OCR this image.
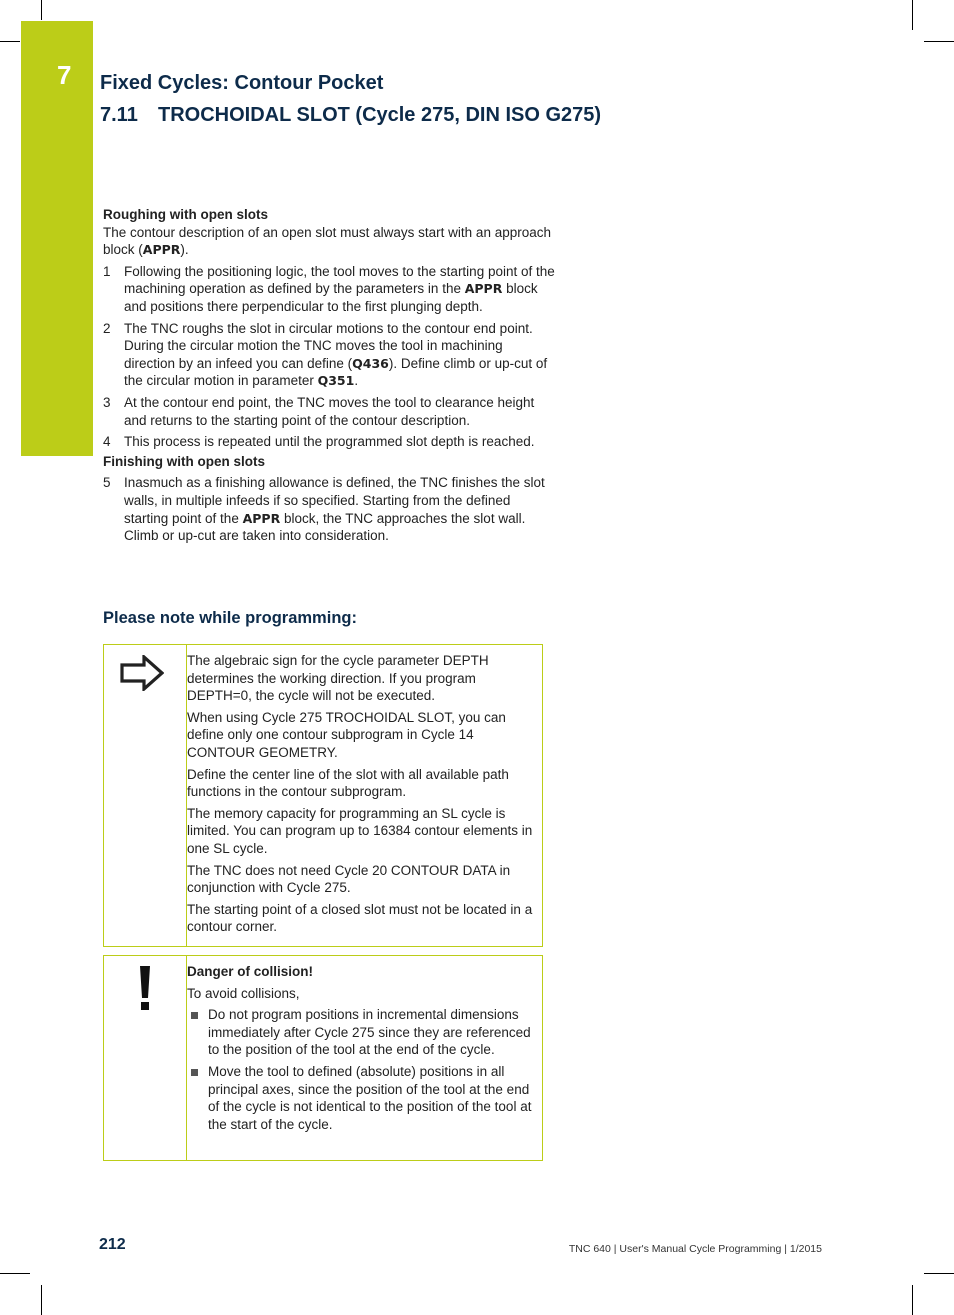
7 Fixed Cycles: Contour Pocket
7.11 TROCHOIDAL SLOT (Cycle 275, DIN ISO G275)

Roughing with open slots

The contour description of an open slot must always start with an approach block (APPR).

1 Following the positioning logic, the tool moves to the starting point of the machining operation as defined by the parameters in the APPR block and positions there perpendicular to the first plunging depth.
2 The TNC roughs the slot in circular motions to the contour end point. During the circular motion the TNC moves the tool in machining direction by an infeed you can define (Q436). Define climb or up-cut of the circular motion in parameter Q351.
3 At the contour end point, the TNC moves the tool to clearance height and returns to the starting point of the contour description.
4 This process is repeated until the programmed slot depth is reached.

Finishing with open slots

5 Inasmuch as a finishing allowance is defined, the TNC finishes the slot walls, in multiple infeeds if so specified. Starting from the defined starting point of the APPR block, the TNC approaches the slot wall. Climb or up-cut are taken into consideration.
Please note while programming:

The algebraic sign for the cycle parameter DEPTH determines the working direction. If you program DEPTH=0, the cycle will not be executed.

When using Cycle 275 TROCHOIDAL SLOT, you can define only one contour subprogram in Cycle 14 CONTOUR GEOMETRY.

Define the center line of the slot with all available path functions in the contour subprogram.

The memory capacity for programming an SL cycle is limited. You can program up to 16384 contour elements in one SL cycle.

The TNC does not need Cycle 20 CONTOUR DATA in conjunction with Cycle 275.

The starting point of a closed slot must not be located in a contour corner.

Danger of collision!

To avoid collisions,

Do not program positions in incremental dimensions immediately after Cycle 275 since they are referenced to the position of the tool at the end of the cycle.
Move the tool to defined (absolute) positions in all principal axes, since the position of the tool at the end of the cycle is not identical to the position of the tool at the start of the cycle.
212	TNC 640 | User's Manual Cycle Programming | 1/2015
